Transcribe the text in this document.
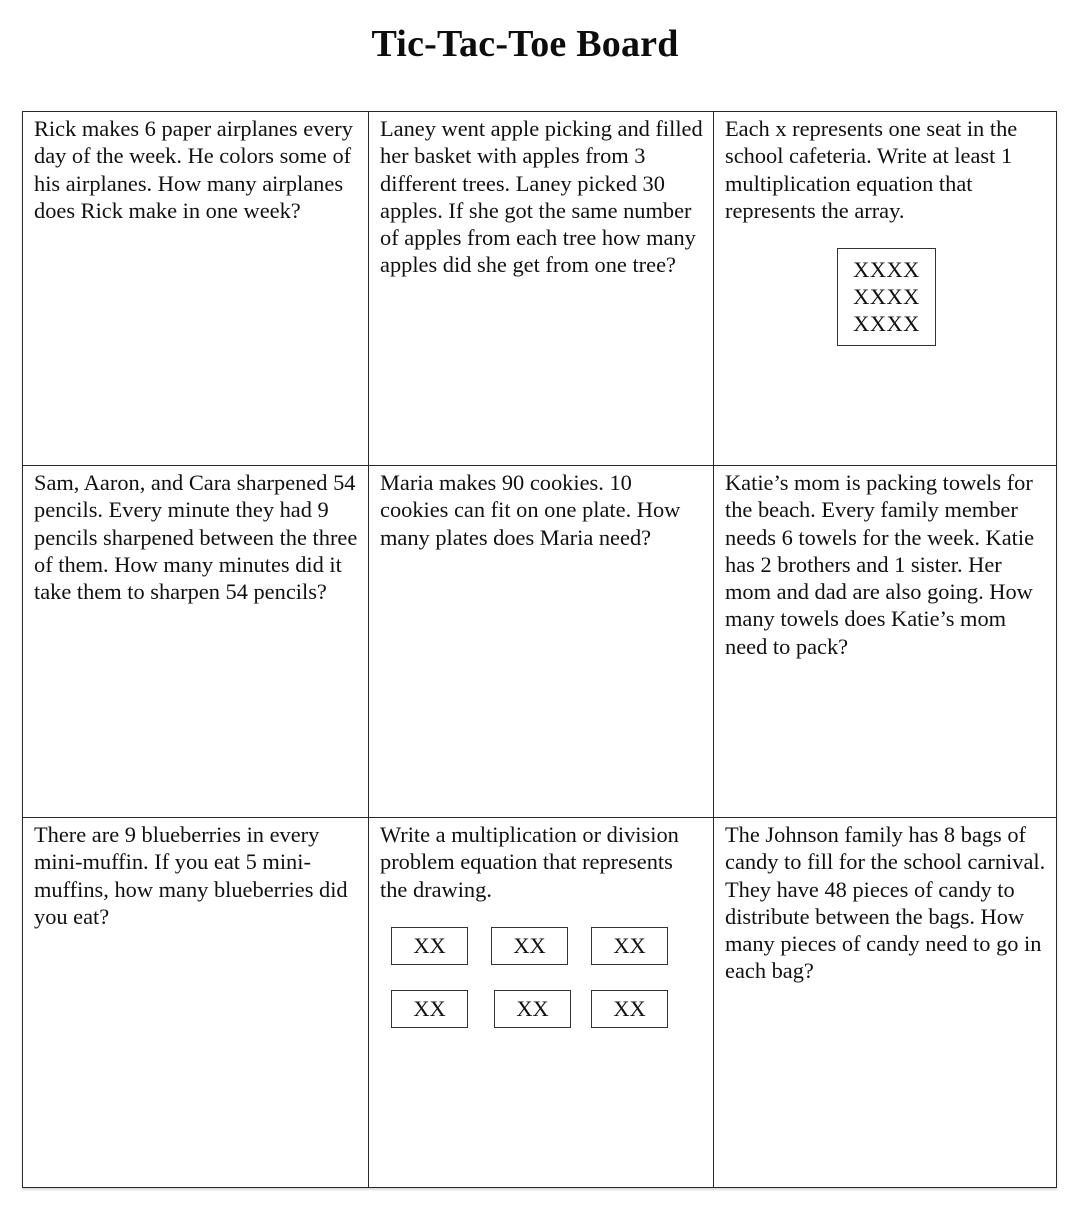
Tic-Tac-Toe Board

Rick makes 6 paper airplanes every day of the week. He colors some of his airplanes. How many airplanes does Rick make in one week?

Laney went apple picking and filled her basket with apples from 3 different trees. Laney picked 30 apples. If she got the same number of apples from each tree how many apples did she get from one tree?

Each x represents one seat in the school cafeteria. Write at least 1 multiplication equation that represents the array.

XXXX
XXXX
XXXX

Sam, Aaron, and Cara sharpened 54 pencils. Every minute they had 9 pencils sharpened between the three of them. How many minutes did it take them to sharpen 54 pencils?

Maria makes 90 cookies. 10 cookies can fit on one plate. How many plates does Maria need?

Katie’s mom is packing towels for the beach. Every family member needs 6 towels for the week. Katie has 2 brothers and 1 sister. Her mom and dad are also going. How many towels does Katie’s mom need to pack?

There are 9 blueberries in every mini-muffin. If you eat 5 mini-muffins, how many blueberries did you eat?

Write a multiplication or division problem equation that represents the drawing.

XX	XX	XX
XX	XX	XX

The Johnson family has 8 bags of candy to fill for the school carnival. They have 48 pieces of candy to distribute between the bags. How many pieces of candy need to go in each bag?
